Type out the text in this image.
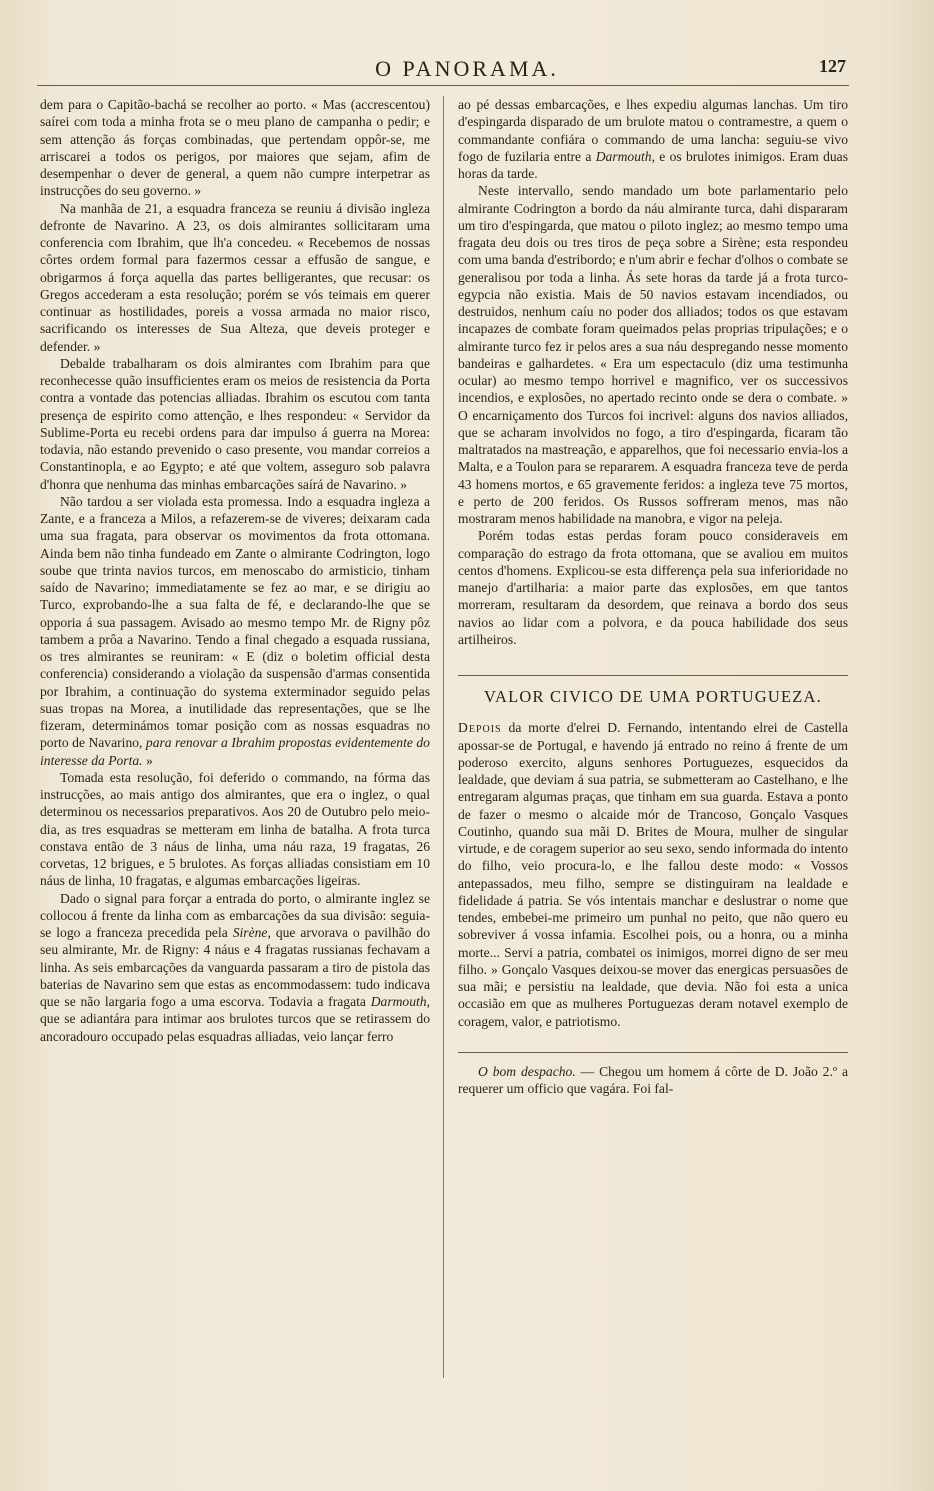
O PANORAMA.	127

dem para o Capitão-bachá se recolher ao porto. « Mas (accrescentou) saírei com toda a minha frota se o meu plano de campanha o pedir; e sem attenção ás forças combinadas, que pertendam oppôr-se, me arriscarei a todos os perigos, por maiores que sejam, afim de desempenhar o dever de general, a quem não cumpre interpetrar as instrucções do seu governo. »

Na manhãa de 21, a esquadra franceza se reuniu á divisão ingleza defronte de Navarino. A 23, os dois almirantes sollicitaram uma conferencia com Ibrahim, que lh'a concedeu. « Recebemos de nossas côrtes ordem formal para fazermos cessar a effusão de sangue, e obrigarmos á força aquella das partes belligerantes, que recusar: os Gregos accederam a esta resolução; porém se vós teimais em querer continuar as hostilidades, poreis a vossa armada no maior risco, sacrificando os interesses de Sua Alteza, que deveis proteger e defender. »

Debalde trabalharam os dois almirantes com Ibrahim para que reconhecesse quão insufficientes eram os meios de resistencia da Porta contra a vontade das potencias alliadas. Ibrahim os escutou com tanta presença de espirito como attenção, e lhes respondeu: « Servidor da Sublime-Porta eu recebi ordens para dar impulso á guerra na Morea: todavia, não estando prevenido o caso presente, vou mandar correios a Constantinopla, e ao Egypto; e até que voltem, asseguro sob palavra d'honra que nenhuma das minhas embarcações saírá de Navarino. »

Não tardou a ser violada esta promessa. Indo a esquadra ingleza a Zante, e a franceza a Milos, a refazerem-se de viveres; deixaram cada uma sua fragata, para observar os movimentos da frota ottomana. Ainda bem não tinha fundeado em Zante o almirante Codrington, logo soube que trinta navios turcos, em menoscabo do armisticio, tinham saído de Navarino; immediatamente se fez ao mar, e se dirigiu ao Turco, exprobando-lhe a sua falta de fé, e declarando-lhe que se opporia á sua passagem. Avisado ao mesmo tempo Mr. de Rigny pôz tambem a prôa a Navarino. Tendo a final chegado a esquada russiana, os tres almirantes se reuniram: « E (diz o boletim official desta conferencia) considerando a violação da suspensão d'armas consentida por Ibrahim, a continuação do systema exterminador seguido pelas suas tropas na Morea, a inutilidade das representações, que se lhe fizeram, determinámos tomar posição com as nossas esquadras no porto de Navarino, para renovar a Ibrahim propostas evidentemente do interesse da Porta. »

Tomada esta resolução, foi deferido o commando, na fórma das instrucções, ao mais antigo dos almirantes, que era o inglez, o qual determinou os necessarios preparativos. Aos 20 de Outubro pelo meio-dia, as tres esquadras se metteram em linha de batalha. A frota turca constava então de 3 náus de linha, uma náu raza, 19 fragatas, 26 corvetas, 12 brigues, e 5 brulotes. As forças alliadas consistiam em 10 náus de linha, 10 fragatas, e algumas embarcações ligeiras.

Dado o signal para forçar a entrada do porto, o almirante inglez se collocou á frente da linha com as embarcações da sua divisão: seguia-se logo a franceza precedida pela Sirène, que arvorava o pavilhão do seu almirante, Mr. de Rigny: 4 náus e 4 fragatas russianas fechavam a linha. As seis embarcações da vanguarda passaram a tiro de pistola das baterias de Navarino sem que estas as encommodassem: tudo indicava que se não largaria fogo a uma escorva. Todavia a fragata Darmouth, que se adiantára para intimar aos brulotes turcos que se retirassem do ancoradouro occupado pelas esquadras alliadas, veio lançar ferro

ao pé dessas embarcações, e lhes expediu algumas lanchas. Um tiro d'espingarda disparado de um brulote matou o contramestre, a quem o commandante confiára o commando de uma lancha: seguiu-se vivo fogo de fuzilaria entre a Darmouth, e os brulotes inimigos. Eram duas horas da tarde.

Neste intervallo, sendo mandado um bote parlamentario pelo almirante Codrington a bordo da náu almirante turca, dahi dispararam um tiro d'espingarda, que matou o piloto inglez; ao mesmo tempo uma fragata deu dois ou tres tiros de peça sobre a Sirène; esta respondeu com uma banda d'estribordo; e n'um abrir e fechar d'olhos o combate se generalisou por toda a linha. Ás sete horas da tarde já a frota turco-egypcia não existia. Mais de 50 navios estavam incendiados, ou destruidos, nenhum caíu no poder dos alliados; todos os que estavam incapazes de combate foram queimados pelas proprias tripulações; e o almirante turco fez ir pelos ares a sua náu despregando nesse momento bandeiras e galhardetes. « Era um espectaculo (diz uma testimunha ocular) ao mesmo tempo horrivel e magnifico, ver os successivos incendios, e explosões, no apertado recinto onde se dera o combate. » O encarniçamento dos Turcos foi incrivel: alguns dos navios alliados, que se acharam involvidos no fogo, a tiro d'espingarda, ficaram tão maltratados na mastreação, e apparelhos, que foi necessario envia-los a Malta, e a Toulon para se repararem. A esquadra franceza teve de perda 43 homens mortos, e 65 gravemente feridos: a ingleza teve 75 mortos, e perto de 200 feridos. Os Russos soffreram menos, mas não mostraram menos habilidade na manobra, e vigor na peleja.

Porém todas estas perdas foram pouco consideraveis em comparação do estrago da frota ottomana, que se avaliou em muitos centos d'homens. Explicou-se esta differença pela sua inferioridade no manejo d'artilharia: a maior parte das explosões, em que tantos morreram, resultaram da desordem, que reinava a bordo dos seus navios ao lidar com a polvora, e da pouca habilidade dos seus artilheiros.

VALOR CIVICO DE UMA PORTUGUEZA.

Depois da morte d'elrei D. Fernando, intentando elrei de Castella apossar-se de Portugal, e havendo já entrado no reino á frente de um poderoso exercito, alguns senhores Portuguezes, esquecidos da lealdade, que deviam á sua patria, se submetteram ao Castelhano, e lhe entregaram algumas praças, que tinham em sua guarda. Estava a ponto de fazer o mesmo o alcaide mór de Trancoso, Gonçalo Vasques Coutinho, quando sua mãi D. Brites de Moura, mulher de singular virtude, e de coragem superior ao seu sexo, sendo informada do intento do filho, veio procura-lo, e lhe fallou deste modo: « Vossos antepassados, meu filho, sempre se distinguiram na lealdade e fidelidade á patria. Se vós intentais manchar e deslustrar o nome que tendes, embebei-me primeiro um punhal no peito, que não quero eu sobreviver á vossa infamia. Escolhei pois, ou a honra, ou a minha morte... Servi a patria, combatei os inimigos, morrei digno de ser meu filho. » Gonçalo Vasques deixou-se mover das energicas persuasões de sua mãi; e persistiu na lealdade, que devia. Não foi esta a unica occasião em que as mulheres Portuguezas deram notavel exemplo de coragem, valor, e patriotismo.

O bom despacho. — Chegou um homem á côrte de D. João 2.º a requerer um officio que vagára. Foi fal-
